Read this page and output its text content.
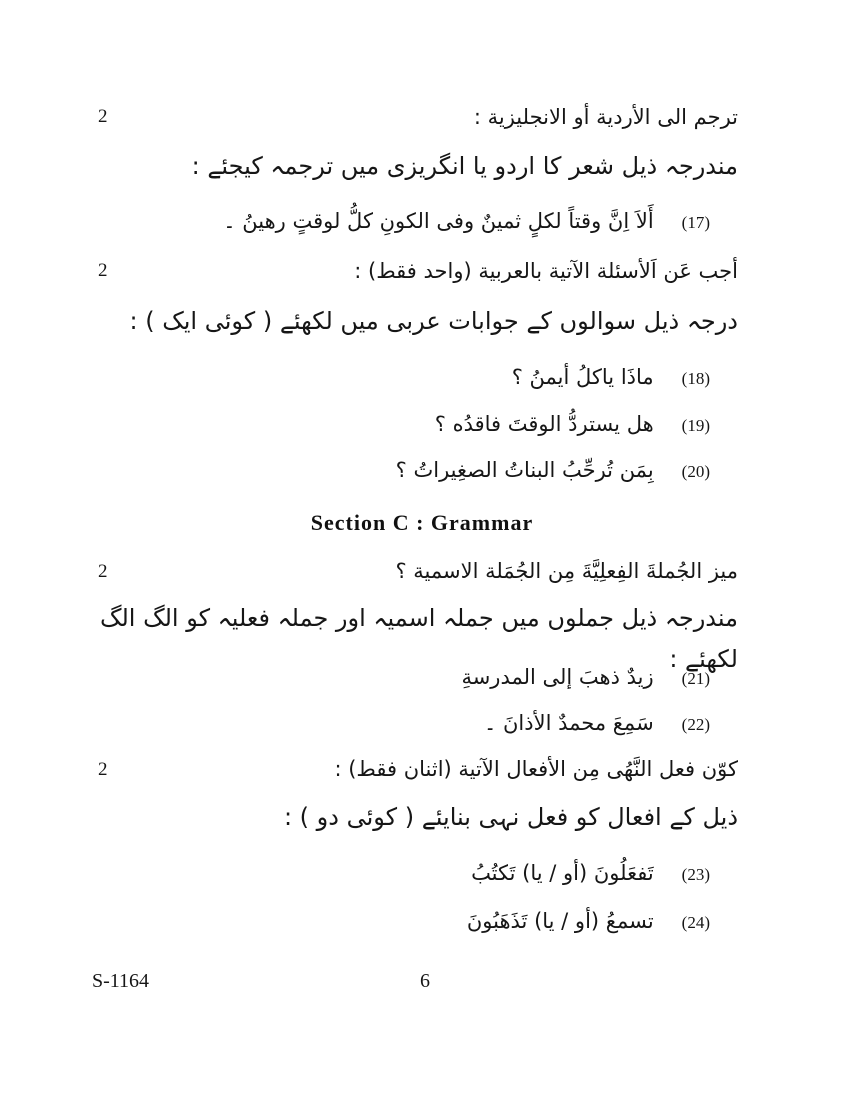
2
2
2
2
ترجم الى الأردية أو الانجليزية :
مندرجہ ذیل شعر کا اردو یا انگریزی میں ترجمہ کیجئے :
(17)
أَلاَ اِنَّ وقتاً لكلٍ ثمينٌ وفى الكونِ كلُّ لوقتٍ رهينُ ۔
أجب عَن اَلأسئلة الآتية بالعربية (واحد فقط) :
درجہ ذیل سوالوں کے جوابات عربی میں لکھئے ( کوئی ایک ) :
(18)
ماذَا ياكلُ أيمنُ ؟
(19)
هل يستردُّ الوقتَ فاقدُه ؟
(20)
بِمَن تُرحِّبُ البناتُ الصغِيراتُ ؟
Section C : Grammar
ميز الجُملةَ الفِعلِيَّةَ مِن الجُمَلة الاسمية ؟
مندرجہ ذیل جملوں میں جملہ اسمیہ اور جملہ فعلیہ کو الگ الگ لکھئے :
(21)
زيدٌ ذهبَ إلى المدرسةِ
(22)
سَمِعَ محمدٌ الأذانَ ۔
كوّن فعل النَّهُى مِن الأفعال الآتية (اثنان فقط) :
ذیل کے افعال کو فعل نہی بنایئے ( کوئی دو ) :
(23)
تَفعَلُونَ (أو / يا) تَكتُبُ
(24)
تسمعُ (أو / يا) تَذَهَبُونَ
S-1164	6
